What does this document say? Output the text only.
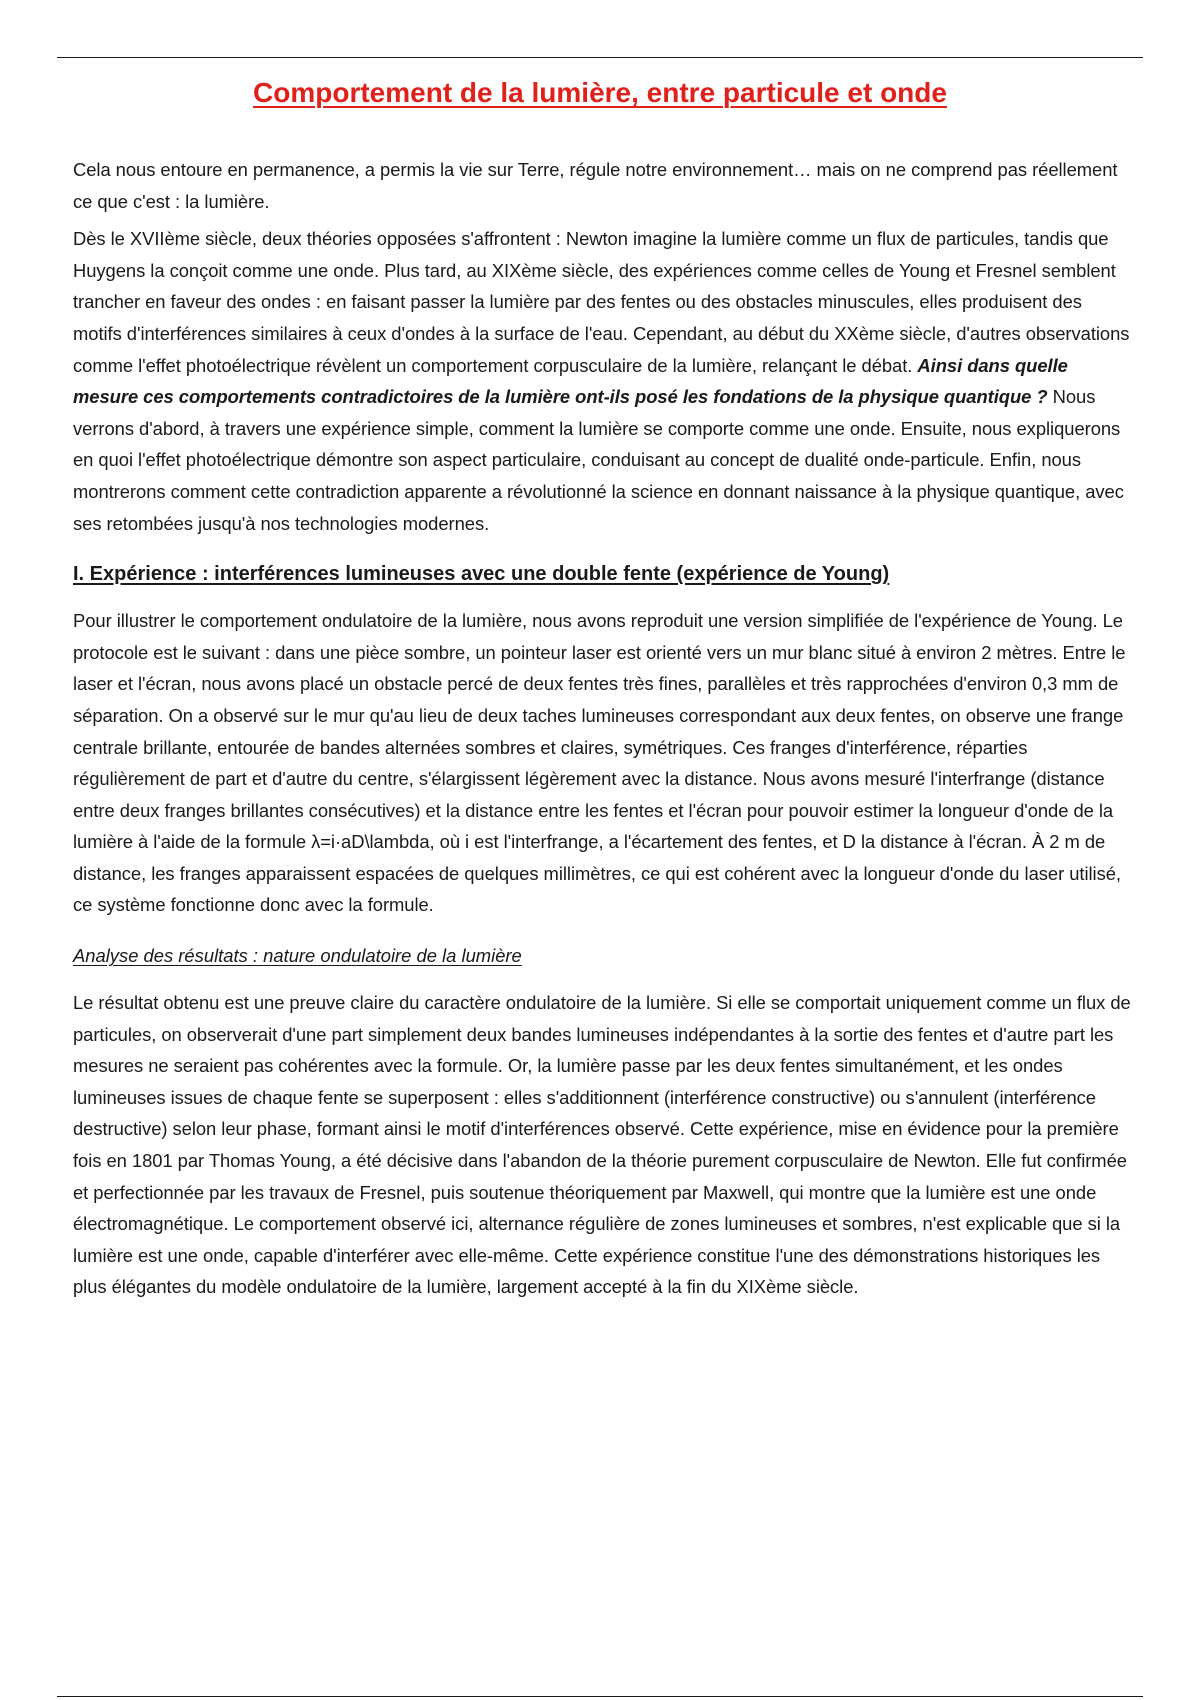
Comportement de la lumière, entre particule et onde

Cela nous entoure en permanence, a permis la vie sur Terre, régule notre environnement… mais on ne comprend pas réellement ce que c'est : la lumière.

Dès le XVIIème siècle, deux théories opposées s'affrontent : Newton imagine la lumière comme un flux de particules, tandis que Huygens la conçoit comme une onde. Plus tard, au XIXème siècle, des expériences comme celles de Young et Fresnel semblent trancher en faveur des ondes : en faisant passer la lumière par des fentes ou des obstacles minuscules, elles produisent des motifs d'interférences similaires à ceux d'ondes à la surface de l'eau. Cependant, au début du XXème siècle, d'autres observations comme l'effet photoélectrique révèlent un comportement corpusculaire de la lumière, relançant le débat. Ainsi dans quelle mesure ces comportements contradictoires de la lumière ont-ils posé les fondations de la physique quantique ? Nous verrons d'abord, à travers une expérience simple, comment la lumière se comporte comme une onde. Ensuite, nous expliquerons en quoi l'effet photoélectrique démontre son aspect particulaire, conduisant au concept de dualité onde-particule. Enfin, nous montrerons comment cette contradiction apparente a révolutionné la science en donnant naissance à la physique quantique, avec ses retombées jusqu'à nos technologies modernes.

I. Expérience : interférences lumineuses avec une double fente (expérience de Young)

Pour illustrer le comportement ondulatoire de la lumière, nous avons reproduit une version simplifiée de l'expérience de Young. Le protocole est le suivant : dans une pièce sombre, un pointeur laser est orienté vers un mur blanc situé à environ 2 mètres. Entre le laser et l'écran, nous avons placé un obstacle percé de deux fentes très fines, parallèles et très rapprochées d'environ 0,3 mm de séparation. On a observé sur le mur qu'au lieu de deux taches lumineuses correspondant aux deux fentes, on observe une frange centrale brillante, entourée de bandes alternées sombres et claires, symétriques. Ces franges d'interférence, réparties régulièrement de part et d'autre du centre, s'élargissent légèrement avec la distance. Nous avons mesuré l'interfrange (distance entre deux franges brillantes consécutives) et la distance entre les fentes et l'écran pour pouvoir estimer la longueur d'onde de la lumière à l'aide de la formule λ=i·aD\lambda, où i est l'interfrange, a l'écartement des fentes, et D la distance à l'écran. À 2 m de distance, les franges apparaissent espacées de quelques millimètres, ce qui est cohérent avec la longueur d'onde du laser utilisé, ce système fonctionne donc avec la formule.

Analyse des résultats : nature ondulatoire de la lumière

Le résultat obtenu est une preuve claire du caractère ondulatoire de la lumière. Si elle se comportait uniquement comme un flux de particules, on observerait d'une part simplement deux bandes lumineuses indépendantes à la sortie des fentes et d'autre part les mesures ne seraient pas cohérentes avec la formule. Or, la lumière passe par les deux fentes simultanément, et les ondes lumineuses issues de chaque fente se superposent : elles s'additionnent (interférence constructive) ou s'annulent (interférence destructive) selon leur phase, formant ainsi le motif d'interférences observé. Cette expérience, mise en évidence pour la première fois en 1801 par Thomas Young, a été décisive dans l'abandon de la théorie purement corpusculaire de Newton. Elle fut confirmée et perfectionnée par les travaux de Fresnel, puis soutenue théoriquement par Maxwell, qui montre que la lumière est une onde électromagnétique. Le comportement observé ici, alternance régulière de zones lumineuses et sombres, n'est explicable que si la lumière est une onde, capable d'interférer avec elle-même. Cette expérience constitue l'une des démonstrations historiques les plus élégantes du modèle ondulatoire de la lumière, largement accepté à la fin du XIXème siècle.
